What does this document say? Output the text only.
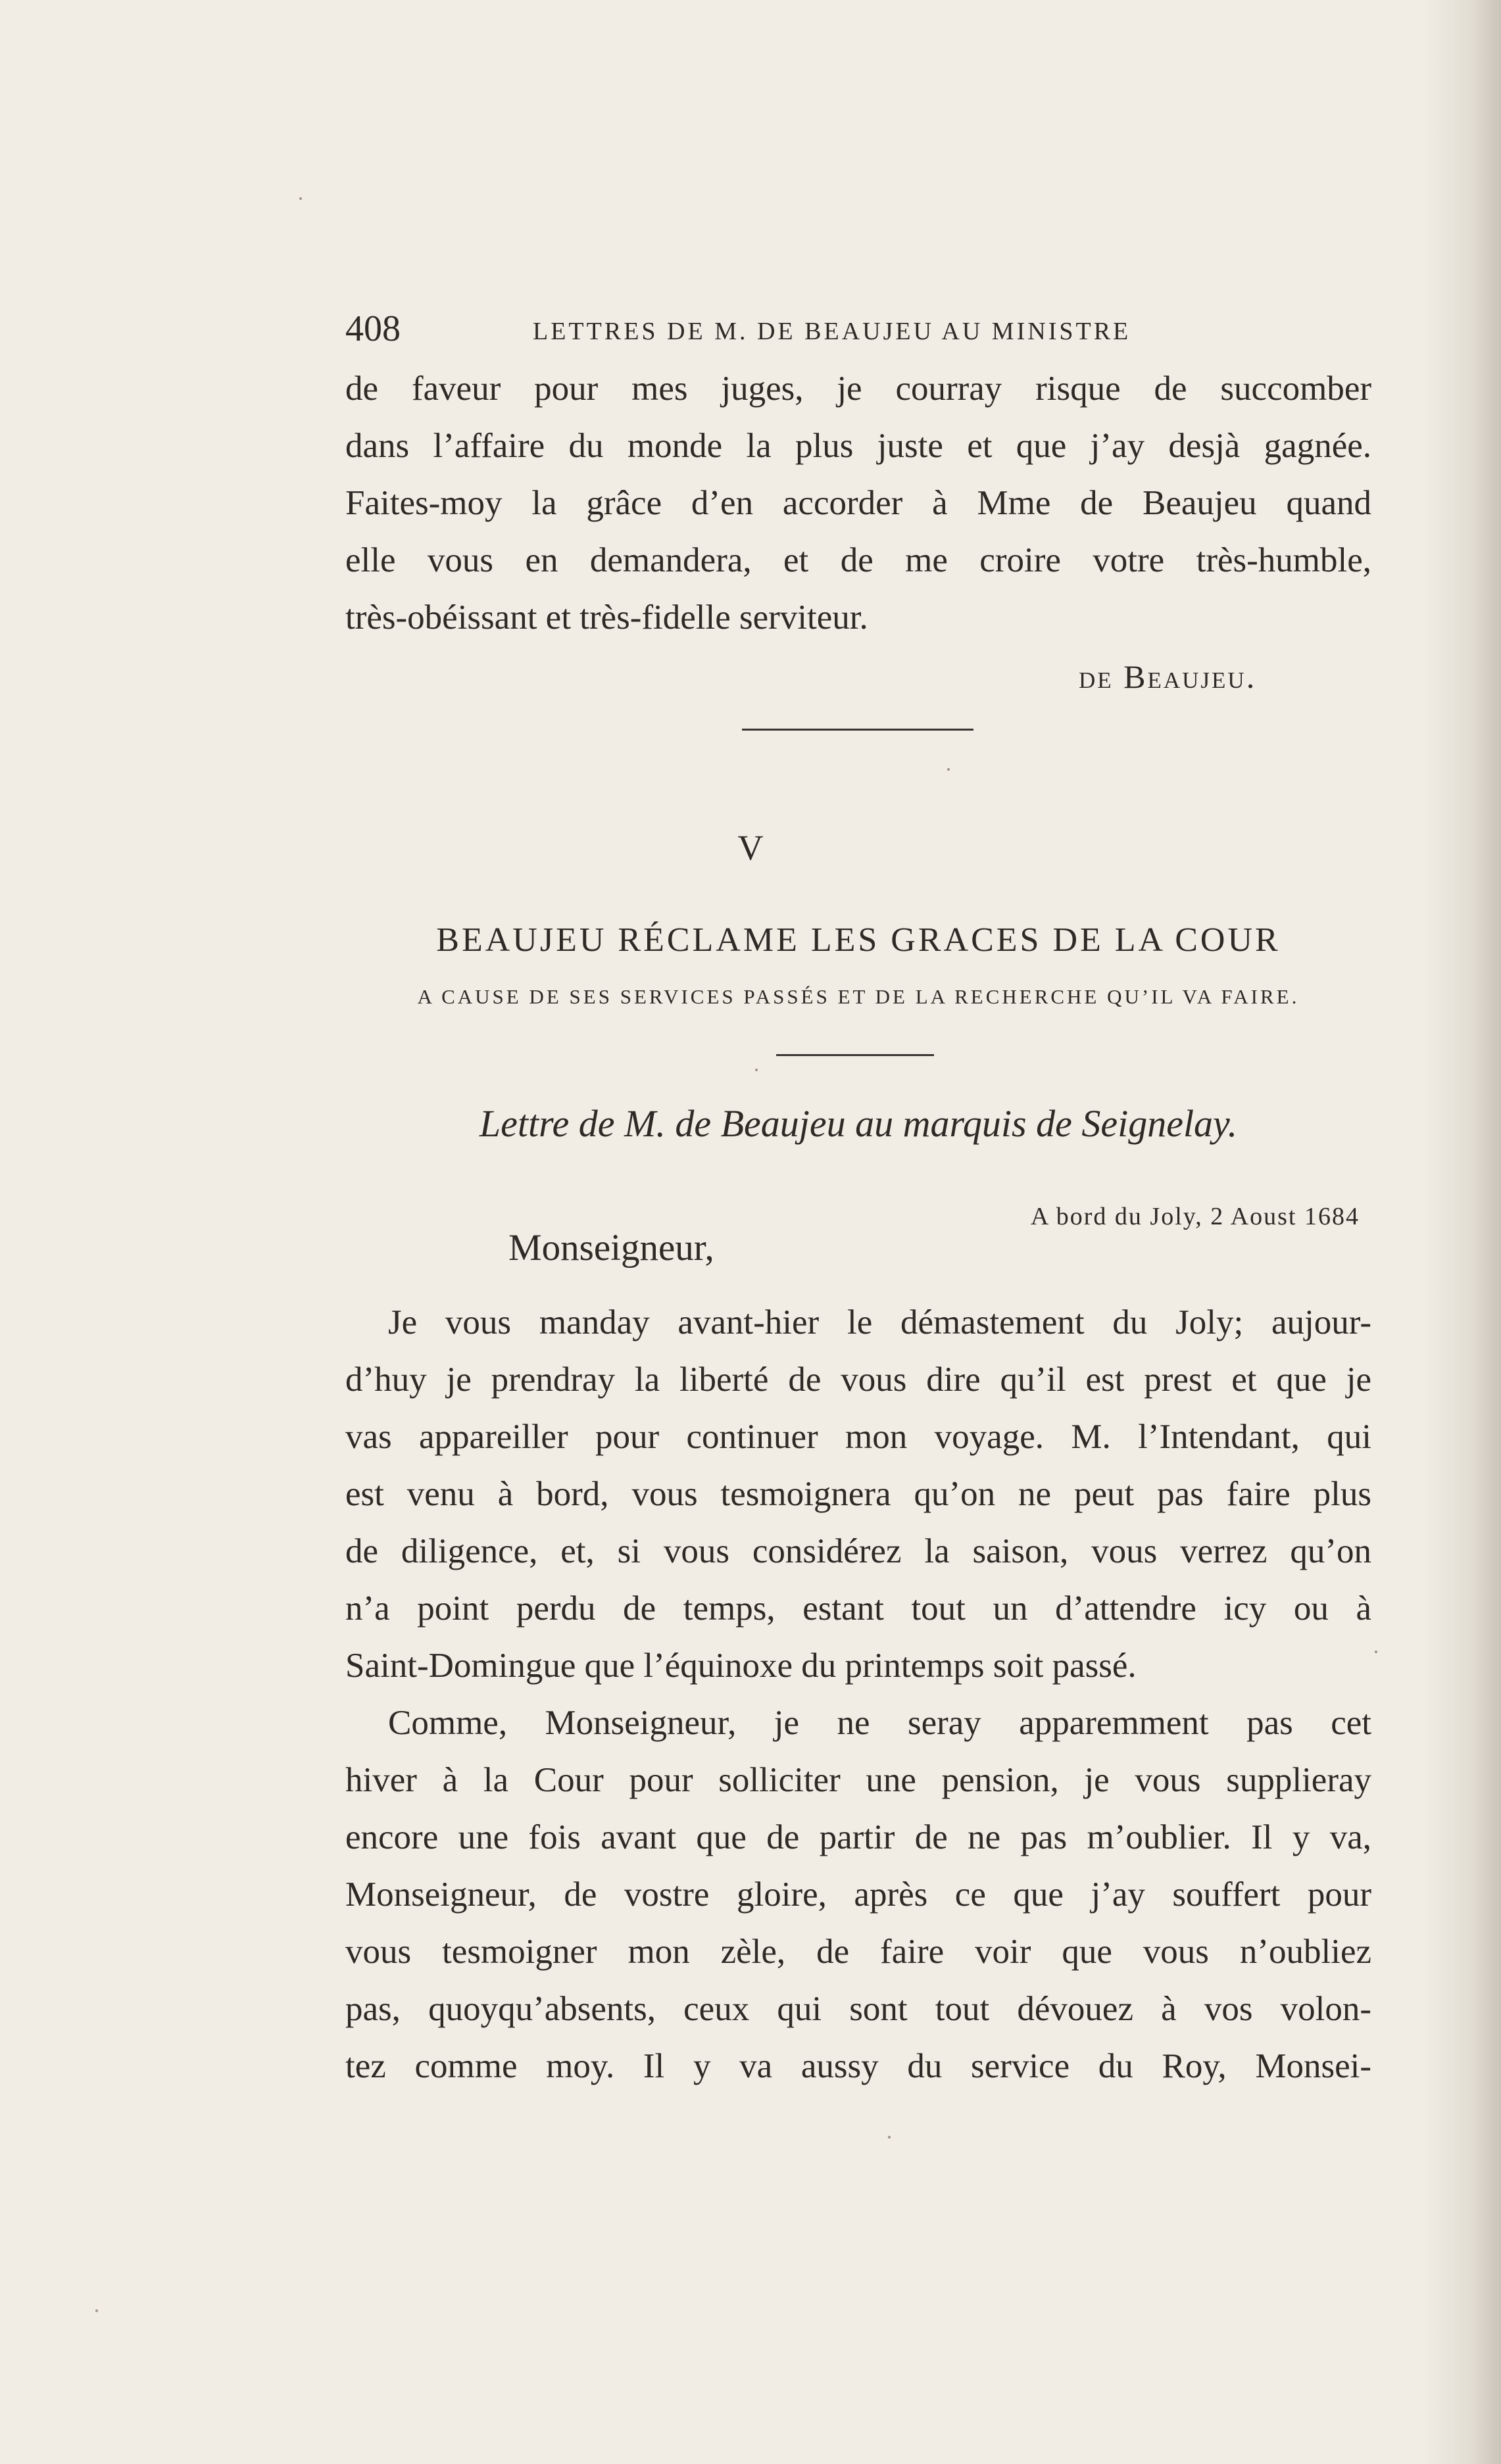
408	LETTRES DE M. DE BEAUJEU AU MINISTRE
de faveur pour mes juges, je courray risque de succomber
dans l’affaire du monde la plus juste et que j’ay desjà gagnée.
Faites-moy la grâce d’en accorder à Mme de Beaujeu quand
elle vous en demandera, et de me croire votre très-humble,
très-obéissant et très-fidelle serviteur.
de Beaujeu.
V
BEAUJEU RÉCLAME LES GRACES DE LA COUR
A CAUSE DE SES SERVICES PASSÉS ET DE LA RECHERCHE QU’IL VA FAIRE.
Lettre de M. de Beaujeu au marquis de Seignelay.
A bord du Joly, 2 Aoust 1684
Monseigneur,
Je vous manday avant-hier le démastement du Joly; aujour-
d’huy je prendray la liberté de vous dire qu’il est prest et que je
vas appareiller pour continuer mon voyage. M. l’Intendant, qui
est venu à bord, vous tesmoignera qu’on ne peut pas faire plus
de diligence, et, si vous considérez la saison, vous verrez qu’on
n’a point perdu de temps, estant tout un d’attendre icy ou à
Saint-Domingue que l’équinoxe du printemps soit passé.
Comme, Monseigneur, je ne seray apparemment pas cet
hiver à la Cour pour solliciter une pension, je vous supplieray
encore une fois avant que de partir de ne pas m’oublier. Il y va,
Monseigneur, de vostre gloire, après ce que j’ay souffert pour
vous tesmoigner mon zèle, de faire voir que vous n’oubliez
pas, quoyqu’absents, ceux qui sont tout dévouez à vos volon-
tez comme moy. Il y va aussy du service du Roy, Monsei-
